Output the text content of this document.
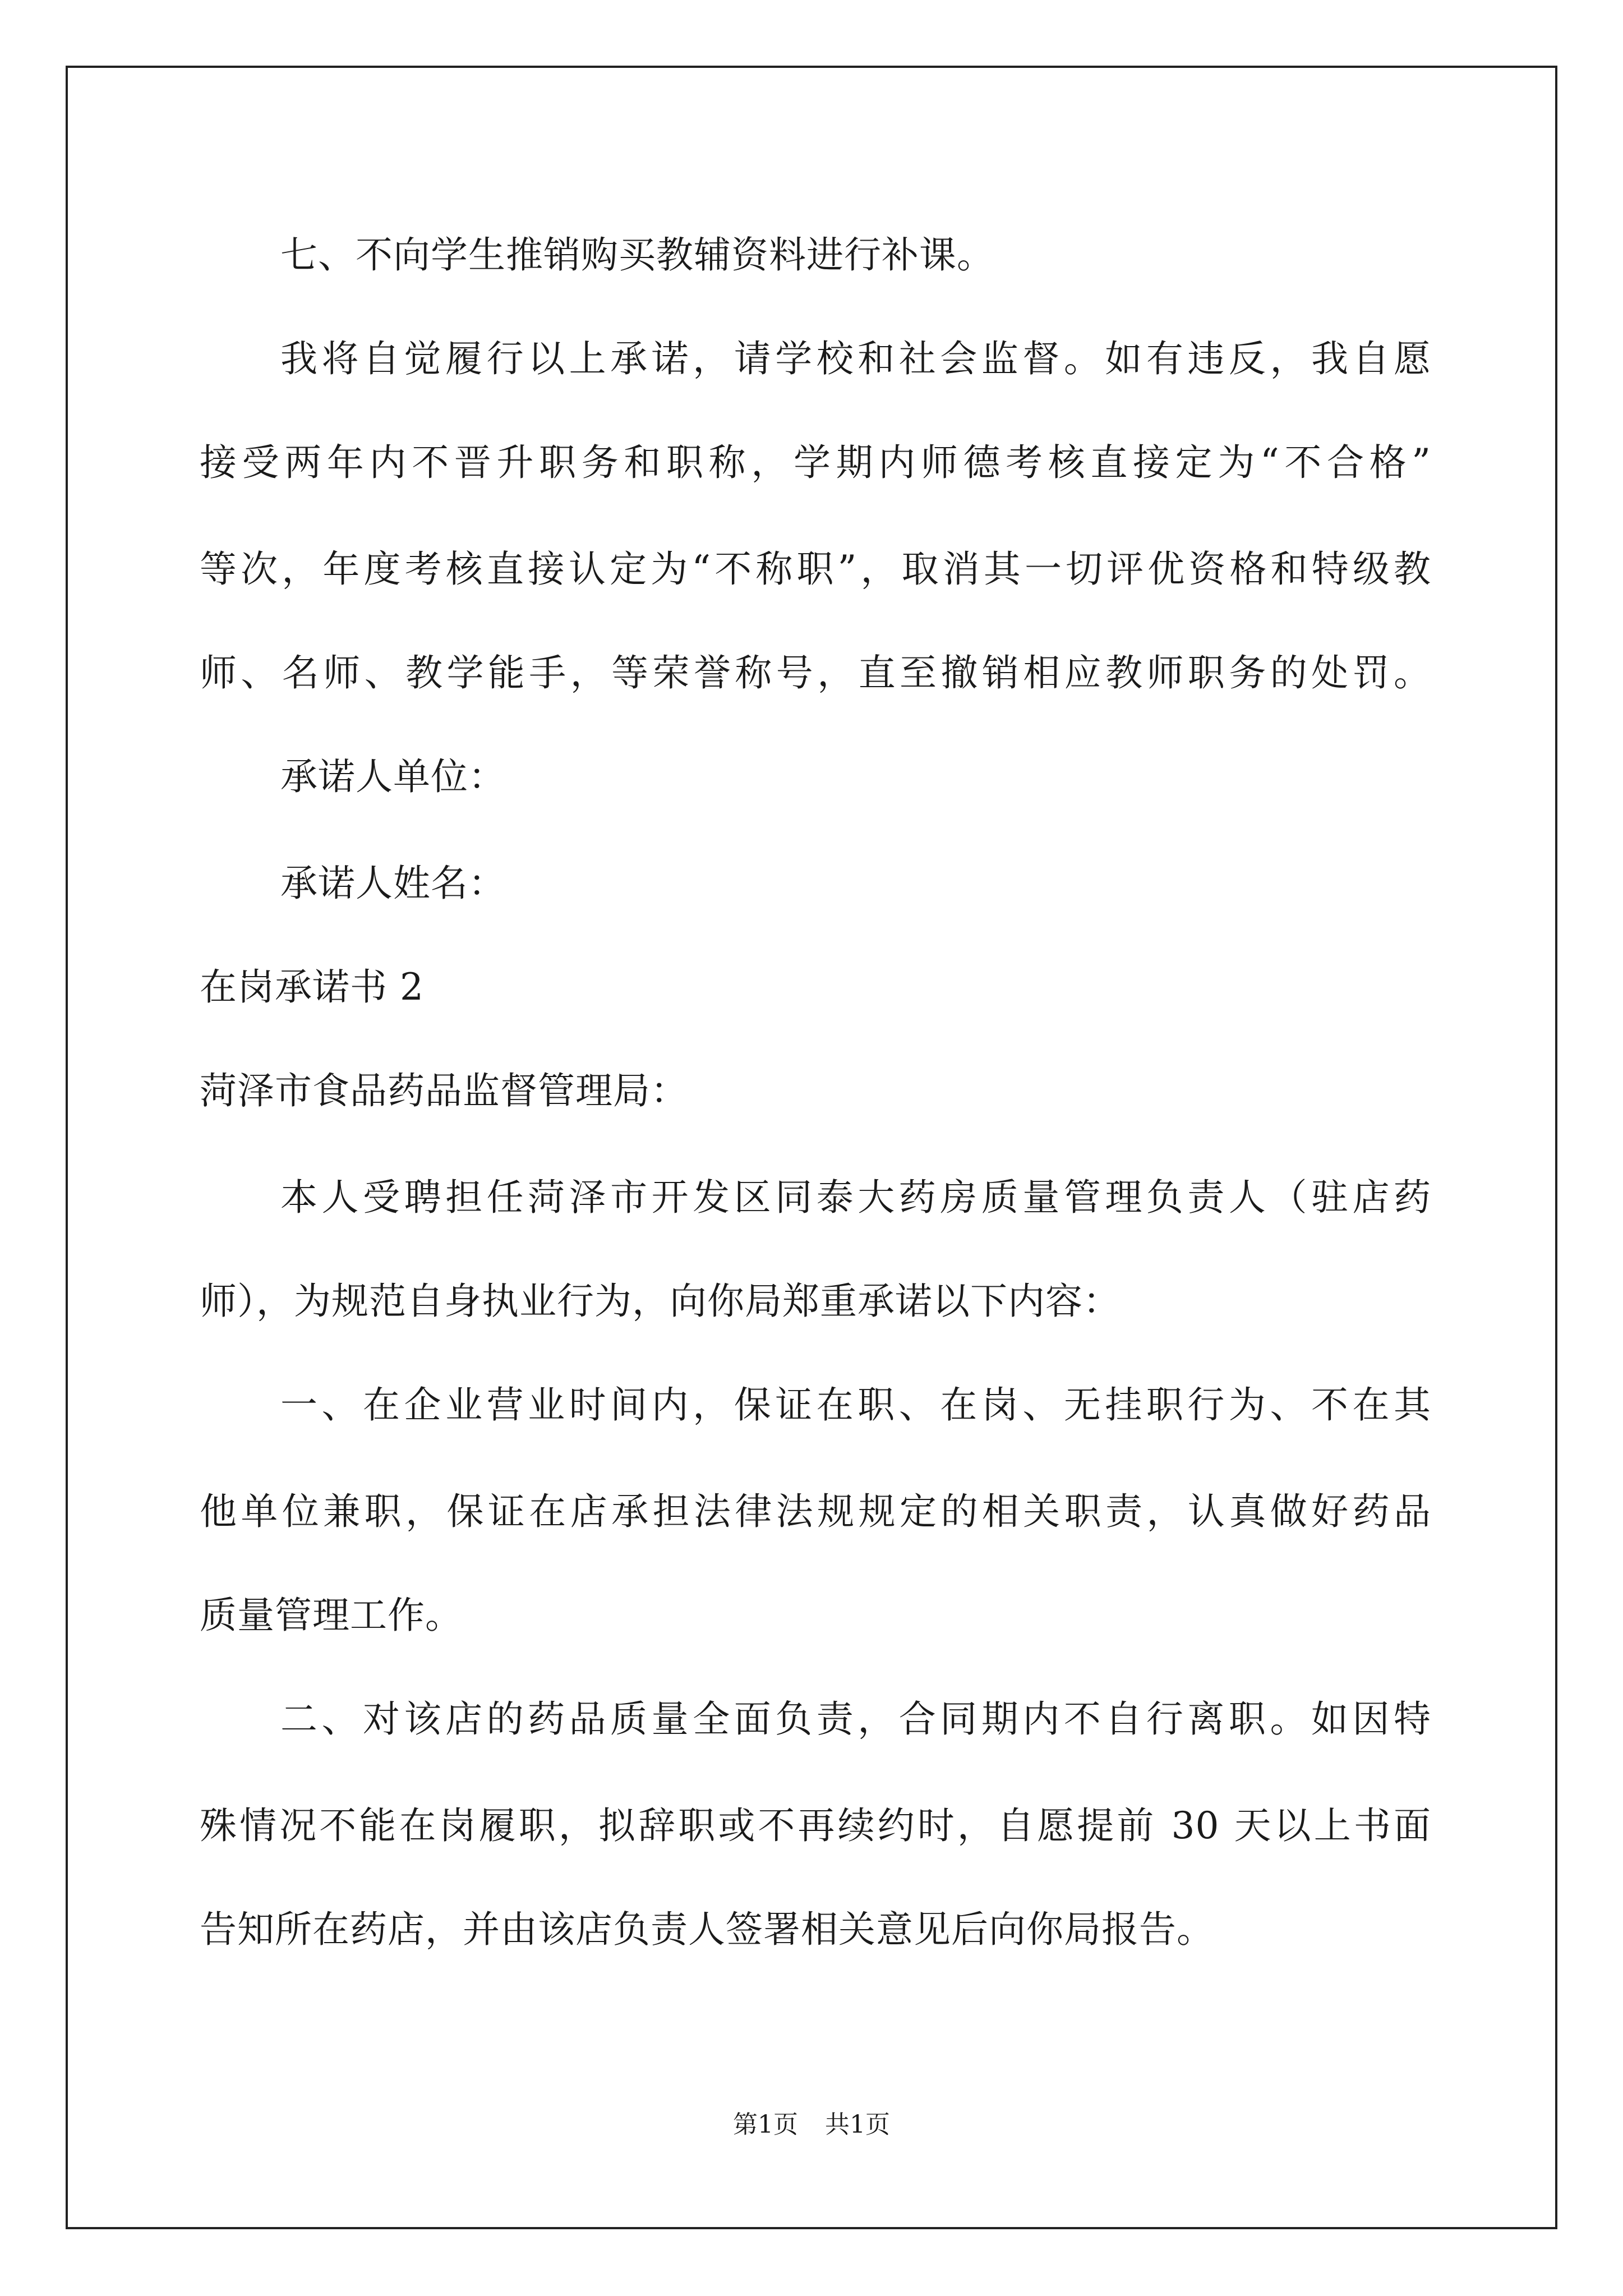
七、不向学生推销购买教辅资料进行补课。
我将自觉履行以上承诺，请学校和社会监督。如有违反，我自愿
接受两年内不晋升职务和职称，学期内师德考核直接定为“不合格”
等次，年度考核直接认定为“不称职”，取消其一切评优资格和特级教
师、名师、教学能手，等荣誉称号，直至撤销相应教师职务的处罚。
承诺人单位：
承诺人姓名：
在岗承诺书 2
菏泽市食品药品监督管理局：
本人受聘担任菏泽市开发区同泰大药房质量管理负责人（驻店药
师），为规范自身执业行为，向你局郑重承诺以下内容：
一、在企业营业时间内，保证在职、在岗、无挂职行为、不在其
他单位兼职，保证在店承担法律法规规定的相关职责，认真做好药品
质量管理工作。
二、对该店的药品质量全面负责，合同期内不自行离职。如因特
殊情况不能在岗履职，拟辞职或不再续约时，自愿提前 30 天以上书面
告知所在药店，并由该店负责人签署相关意见后向你局报告。
第1页 共1页
